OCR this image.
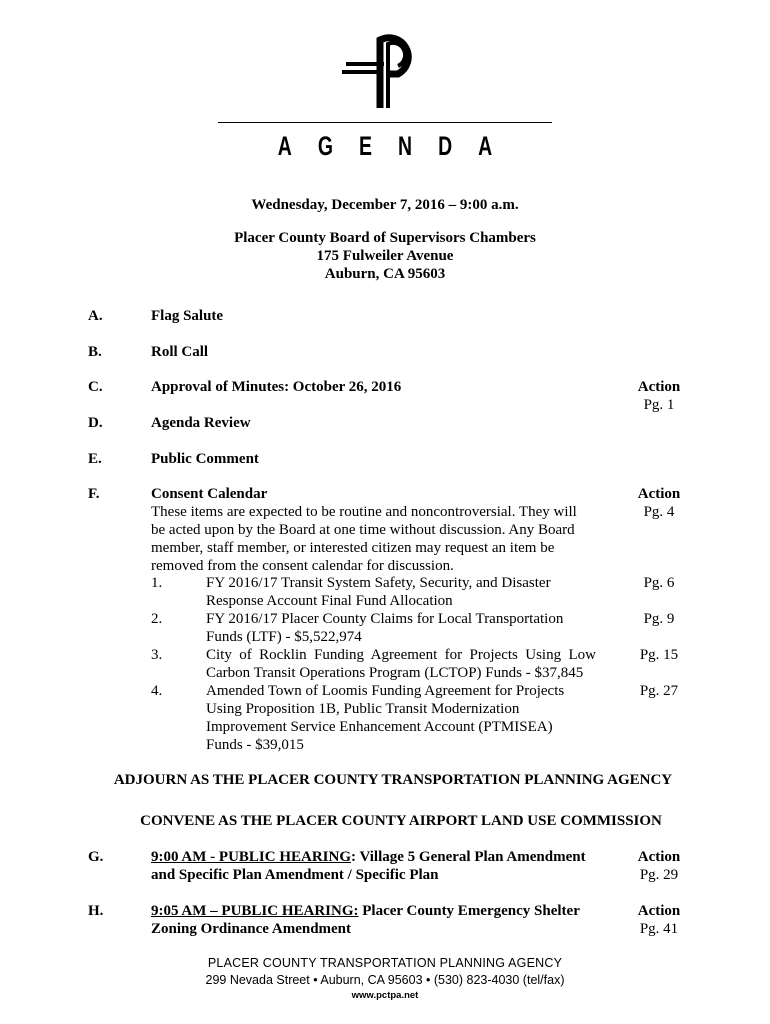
A G E N D A
Wednesday, December 7, 2016 – 9:00 a.m.
Placer County Board of Supervisors Chambers
175 Fulweiler Avenue
Auburn, CA 95603
A.	Flag Salute
B.	Roll Call
C.	Approval of Minutes: October 26, 2016	Action
Pg. 1
D.	Agenda Review
E.	Public Comment
F.	Consent Calendar	Action
Pg. 4
These items are expected to be routine and noncontroversial. They will
be acted upon by the Board at one time without discussion. Any Board
member, staff member, or interested citizen may request an item be
removed from the consent calendar for discussion.
1.	FY 2016/17 Transit System Safety, Security, and Disaster
Response Account Final Fund Allocation
Pg. 6
2.	FY 2016/17 Placer County Claims for Local Transportation
Funds (LTF) - $5,522,974
Pg. 9
3.	City of Rocklin Funding Agreement for Projects Using Low
Carbon Transit Operations Program (LCTOP) Funds - $37,845
Pg. 15
4.	Amended Town of Loomis Funding Agreement for Projects
Using Proposition 1B, Public Transit Modernization
Improvement Service Enhancement Account (PTMISEA)
Funds - $39,015
Pg. 27
ADJOURN AS THE PLACER COUNTY TRANSPORTATION PLANNING AGENCY
CONVENE AS THE PLACER COUNTY AIRPORT LAND USE COMMISSION
G.	9:00 AM - PUBLIC HEARING: Village 5 General Plan Amendment
and Specific Plan Amendment / Specific Plan
Action
Pg. 29
H.	9:05 AM – PUBLIC HEARING: Placer County Emergency Shelter
Zoning Ordinance Amendment
Action
Pg. 41
PLACER COUNTY TRANSPORTATION PLANNING AGENCY
299 Nevada Street • Auburn, CA 95603 • (530) 823-4030 (tel/fax)
www.pctpa.net
